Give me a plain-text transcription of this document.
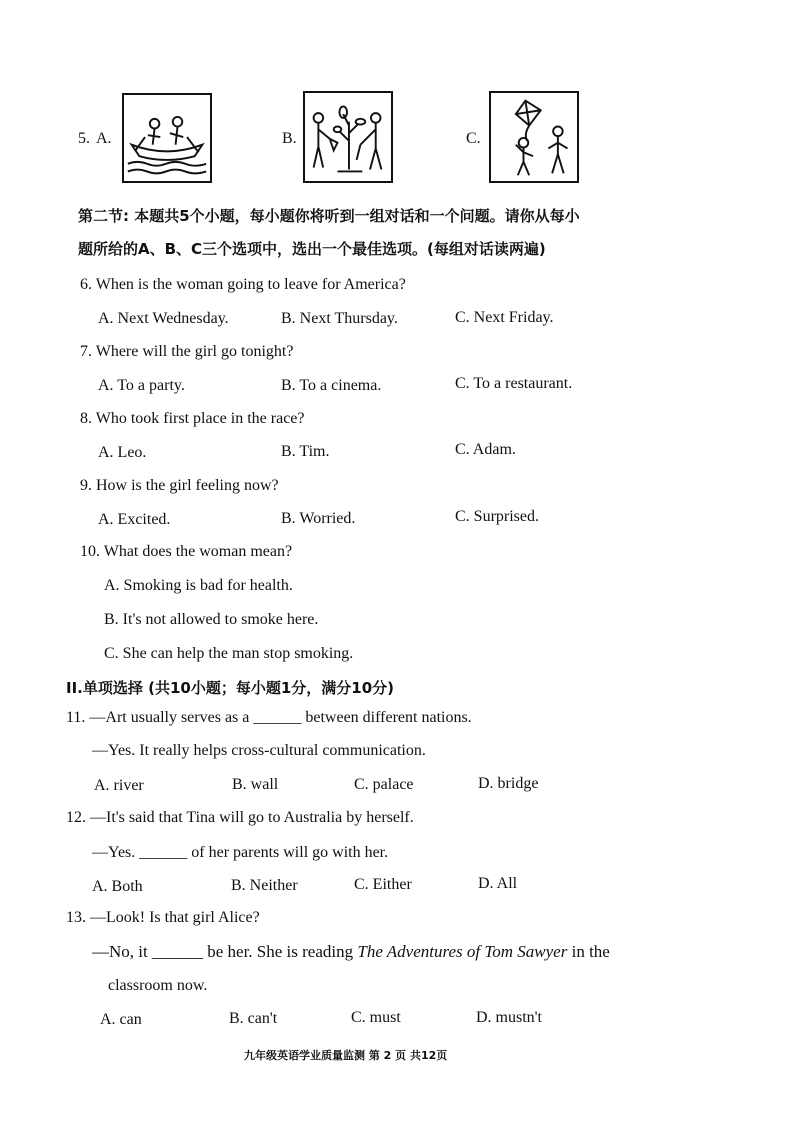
5. A.	B.	C.
第二节: 本题共5个小题，每小题你将听到一组对话和一个问题。请你从每小
题所给的A、B、C三个选项中，选出一个最佳选项。(每组对话读两遍)
6. When is the woman going to leave for America?
A. Next Wednesday.	B. Next Thursday.	C. Next Friday.
7. Where will the girl go tonight?
A. To a party.	B. To a cinema.	C. To a restaurant.
8. Who took first place in the race?
A. Leo.	B. Tim.	C. Adam.
9. How is the girl feeling now?
A. Excited.	B. Worried.	C. Surprised.
10. What does the woman mean?
A. Smoking is bad for health.
B. It's not allowed to smoke here.
C. She can help the man stop smoking.
II.单项选择 (共10小题；每小题1分，满分10分)
11. —Art usually serves as a ______ between different nations.
—Yes. It really helps cross-cultural communication.
A. river	B. wall	C. palace	D. bridge
12. —It's said that Tina will go to Australia by herself.
—Yes. ______ of her parents will go with her.
A. Both	B. Neither	C. Either	D. All
13. —Look! Is that girl Alice?
—No, it ______ be her. She is reading The Adventures of Tom Sawyer in the
classroom now.
A. can	B. can't	C. must	D. mustn't
九年级英语学业质量监测 第 2 页 共12页
